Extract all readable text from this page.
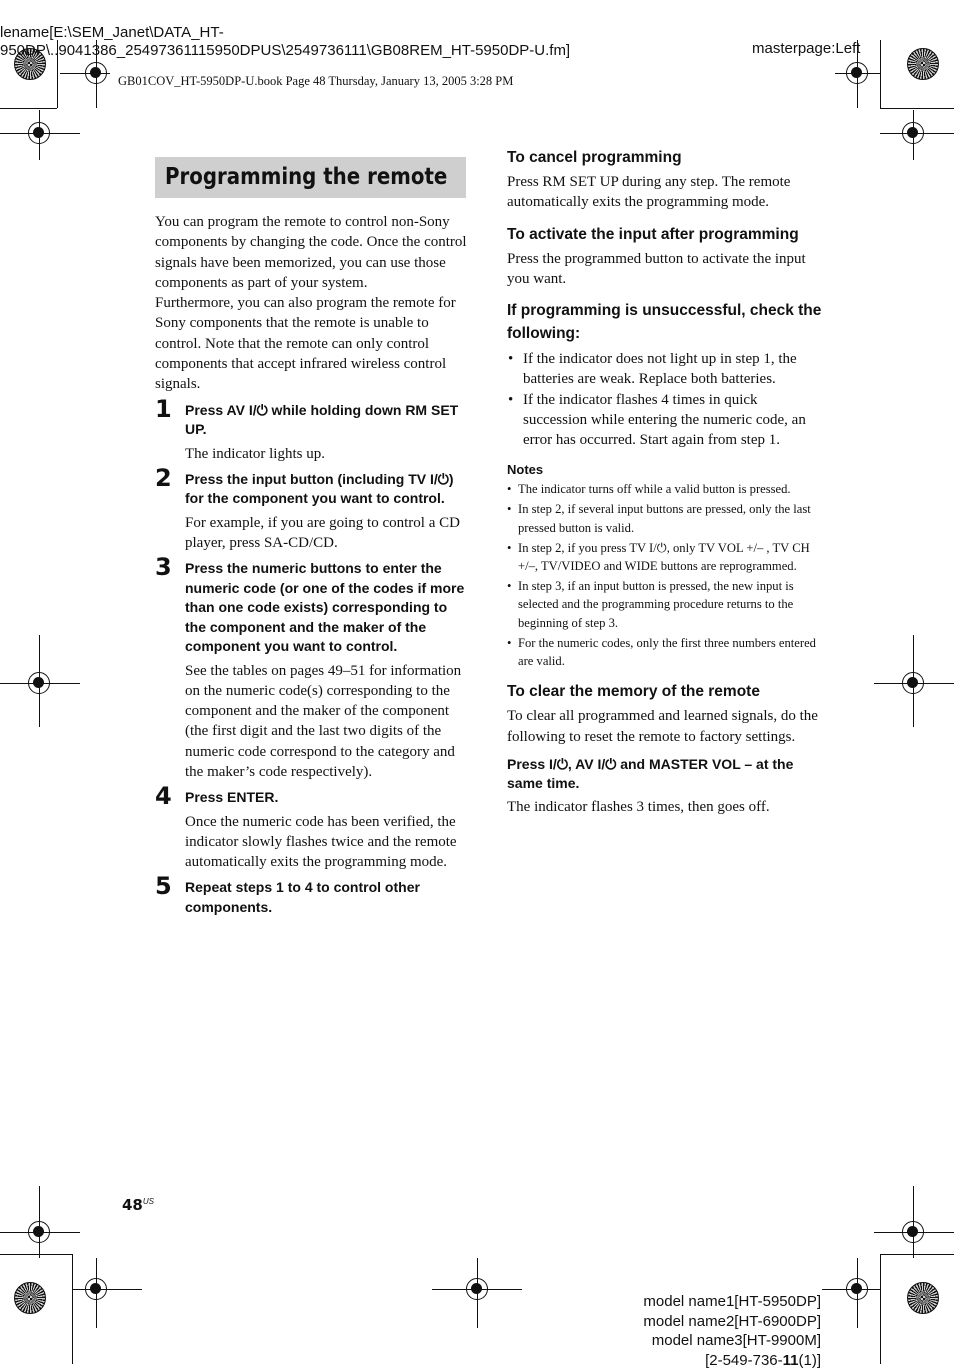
lename[E:\SEM_Janet\DATA_HT-
950DP\..9041386_25497361115950DPUS\2549736111\GB08REM_HT-5950DP-U.fm]	masterpage:Left
GB01COV_HT-5950DP-U.book Page 48 Thursday, January 13, 2005 3:28 PM
Programming the remote

You can program the remote to control non-Sony components by changing the code. Once the control signals have been memorized, you can use those components as part of your system.

Furthermore, you can also program the remote for Sony components that the remote is unable to control. Note that the remote can only control components that accept infrared wireless control signals.

1 Press AV I/⏻ while holding down RM SET UP.

The indicator lights up.

2 Press the input button (including TV I/⏻) for the component you want to control.

For example, if you are going to control a CD player, press SA-CD/CD.

3 Press the numeric buttons to enter the numeric code (or one of the codes if more than one code exists) corresponding to the component and the maker of the component you want to control.

See the tables on pages 49–51 for information on the numeric code(s) corresponding to the component and the maker of the component (the first digit and the last two digits of the numeric code correspond to the category and the maker’s code respectively).

4 Press ENTER.

Once the numeric code has been verified, the indicator slowly flashes twice and the remote automatically exits the programming mode.

5 Repeat steps 1 to 4 to control other components.

To cancel programming

Press RM SET UP during any step. The remote automatically exits the programming mode.

To activate the input after programming

Press the programmed button to activate the input you want.

If programming is unsuccessful, check the following:
• If the indicator does not light up in step 1, the batteries are weak. Replace both batteries.
• If the indicator flashes 4 times in quick succession while entering the numeric code, an error has occurred. Start again from step 1.
Notes
• The indicator turns off while a valid button is pressed.
• In step 2, if several input buttons are pressed, only the last pressed button is valid.
• In step 2, if you press TV I/⏻, only TV VOL +/– , TV CH +/–, TV/VIDEO and WIDE buttons are reprogrammed.
• In step 3, if an input button is pressed, the new input is selected and the programming procedure returns to the beginning of step 3.
• For the numeric codes, only the first three numbers entered are valid.
To clear the memory of the remote

To clear all programmed and learned signals, do the following to reset the remote to factory settings.

Press I/⏻, AV I/⏻ and MASTER VOL – at the same time.

The indicator flashes 3 times, then goes off.

$48^{US}$
model name1[HT-5950DP]
model name2[HT-6900DP]
model name3[HT-9900M]
[2-549-736-11(1)]
